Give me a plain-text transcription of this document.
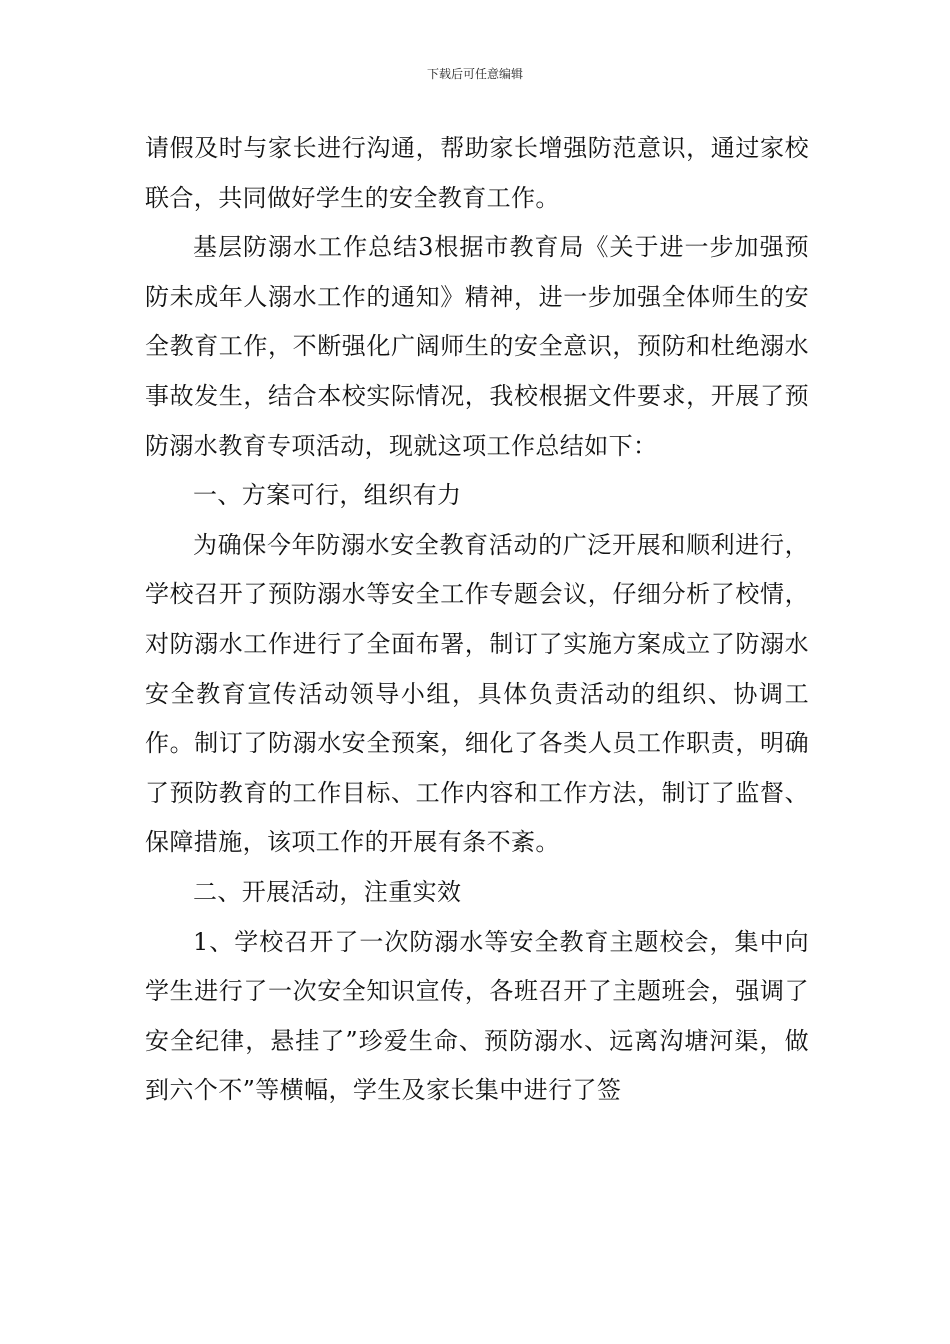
下载后可任意编辑

请假及时与家长进行沟通，帮助家长增强防范意识，通过家校联合，共同做好学生的安全教育工作。

基层防溺水工作总结3根据市教育局《关于进一步加强预防未成年人溺水工作的通知》精神，进一步加强全体师生的安全教育工作，不断强化广阔师生的安全意识，预防和杜绝溺水事故发生，结合本校实际情况，我校根据文件要求，开展了预防溺水教育专项活动，现就这项工作总结如下：

一、方案可行，组织有力

为确保今年防溺水安全教育活动的广泛开展和顺利进行，学校召开了预防溺水等安全工作专题会议，仔细分析了校情，对防溺水工作进行了全面布署，制订了实施方案成立了防溺水安全教育宣传活动领导小组，具体负责活动的组织、协调工作。制订了防溺水安全预案，细化了各类人员工作职责，明确了预防教育的工作目标、工作内容和工作方法，制订了监督、保障措施，该项工作的开展有条不紊。

二、开展活动，注重实效

1、学校召开了一次防溺水等安全教育主题校会，集中向学生进行了一次安全知识宣传，各班召开了主题班会，强调了安全纪律，悬挂了”珍爱生命、预防溺水、远离沟塘河渠，做到六个不”等横幅，学生及家长集中进行了签
